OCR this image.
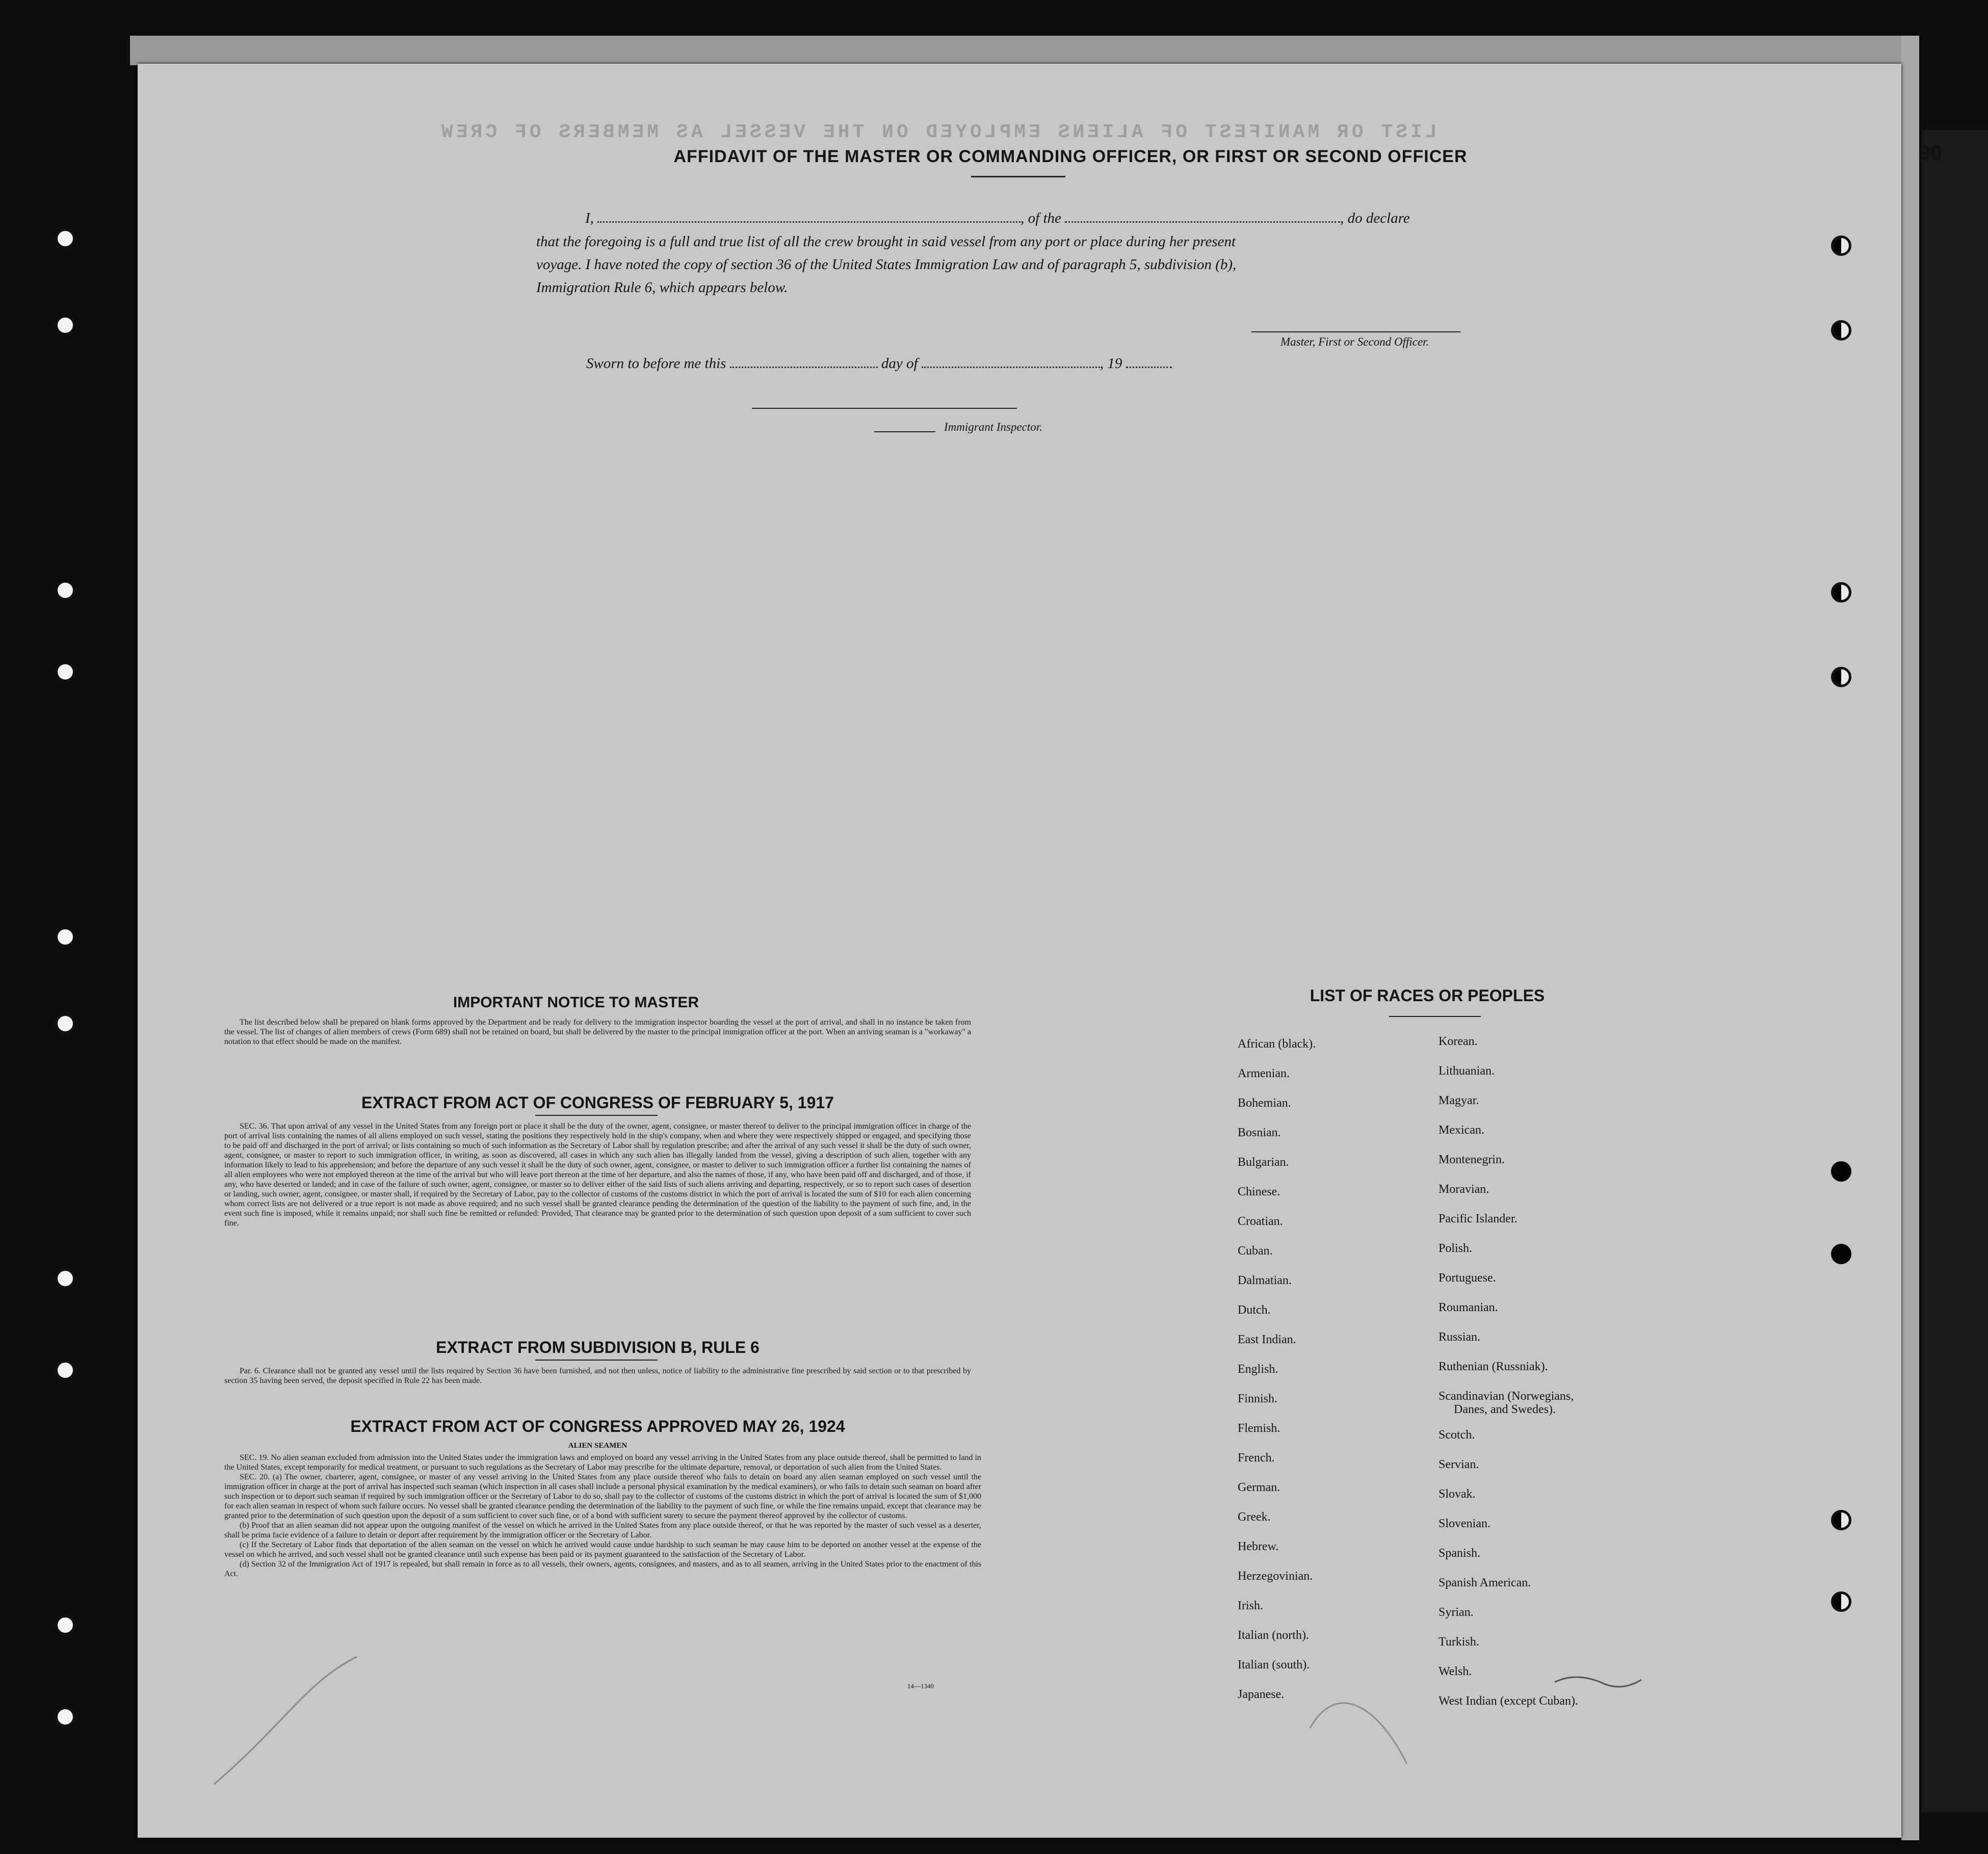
90
LIST OR MANIFEST OF ALIENS EMPLOYED ON THE VESSEL AS MEMBERS OF CREW
AFFIDAVIT OF THE MASTER OR COMMANDING OFFICER, OR FIRST OR SECOND OFFICER
I,	, of the	, do declare
that the foregoing is a full and true list of all the crew brought in said vessel from any port or place during her present
voyage. I have noted the copy of section 36 of the United States Immigration Law and of paragraph 5, subdivision (b),
Immigration Rule 6, which appears below.
Master, First or Second Officer.
Sworn to before me this	day of	, 19
Immigrant Inspector.
IMPORTANT NOTICE TO MASTER

The list described below shall be prepared on blank forms approved by the Department and be ready for delivery to the immigration inspector boarding the vessel at the port of arrival, and shall in no instance be taken from the vessel. The list of changes of alien members of crews (Form 689) shall not be retained on board, but shall be delivered by the master to the principal immigration officer at the port. When an arriving seaman is a "workaway" a notation to that effect should be made on the manifest.

EXTRACT FROM ACT OF CONGRESS OF FEBRUARY 5, 1917

SEC. 36. That upon arrival of any vessel in the United States from any foreign port or place it shall be the duty of the owner, agent, consignee, or master thereof to deliver to the principal immigration officer in charge of the port of arrival lists containing the names of all aliens employed on such vessel, stating the positions they respectively hold in the ship's company, when and where they were respectively shipped or engaged, and specifying those to be paid off and discharged in the port of arrival; or lists containing so much of such information as the Secretary of Labor shall by regulation prescribe; and after the arrival of any such vessel it shall be the duty of such owner, agent, consignee, or master to report to such immigration officer, in writing, as soon as discovered, all cases in which any such alien has illegally landed from the vessel, giving a description of such alien, together with any information likely to lead to his apprehension; and before the departure of any such vessel it shall be the duty of such owner, agent, consignee, or master to deliver to such immigration officer a further list containing the names of all alien employees who were not employed thereon at the time of the arrival but who will leave port thereon at the time of her departure, and also the names of those, if any, who have been paid off and discharged, and of those, if any, who have deserted or landed; and in case of the failure of such owner, agent, consignee, or master so to deliver either of the said lists of such aliens arriving and departing, respectively, or so to report such cases of desertion or landing, such owner, agent, consignee, or master shall, if required by the Secretary of Labor, pay to the collector of customs of the customs district in which the port of arrival is located the sum of $10 for each alien concerning whom correct lists are not delivered or a true report is not made as above required; and no such vessel shall be granted clearance pending the determination of the question of the liability to the payment of such fine, and, in the event such fine is imposed, while it remains unpaid; nor shall such fine be remitted or refunded: Provided, That clearance may be granted prior to the determination of such question upon deposit of a sum sufficient to cover such fine.

EXTRACT FROM SUBDIVISION B, RULE 6

Par. 6. Clearance shall not be granted any vessel until the lists required by Section 36 have been furnished, and not then unless, notice of liability to the administrative fine prescribed by said section or to that prescribed by section 35 having been served, the deposit specified in Rule 22 has been made.

EXTRACT FROM ACT OF CONGRESS APPROVED MAY 26, 1924
ALIEN SEAMEN

SEC. 19. No alien seaman excluded from admission into the United States under the immigration laws and employed on board any vessel arriving in the United States from any place outside thereof, shall be permitted to land in the United States, except temporarily for medical treatment, or pursuant to such regulations as the Secretary of Labor may prescribe for the ultimate departure, removal, or deportation of such alien from the United States.

SEC. 20. (a) The owner, charterer, agent, consignee, or master of any vessel arriving in the United States from any place outside thereof who fails to detain on board any alien seaman employed on such vessel until the immigration officer in charge at the port of arrival has inspected such seaman (which inspection in all cases shall include a personal physical examination by the medical examiners), or who fails to detain such seaman on board after such inspection or to deport such seaman if required by such immigration officer or the Secretary of Labor to do so, shall pay to the collector of customs of the customs district in which the port of arrival is located the sum of $1,000 for each alien seaman in respect of whom such failure occurs. No vessel shall be granted clearance pending the determination of the liability to the payment of such fine, or while the fine remains unpaid, except that clearance may be granted prior to the determination of such question upon the deposit of a sum sufficient to cover such fine, or of a bond with sufficient surety to secure the payment thereof approved by the collector of customs.

(b) Proof that an alien seaman did not appear upon the outgoing manifest of the vessel on which he arrived in the United States from any place outside thereof, or that he was reported by the master of such vessel as a deserter, shall be prima facie evidence of a failure to detain or deport after requirement by the immigration officer or the Secretary of Labor.

(c) If the Secretary of Labor finds that deportation of the alien seaman on the vessel on which he arrived would cause undue hardship to such seaman he may cause him to be deported on another vessel at the expense of the vessel on which he arrived, and such vessel shall not be granted clearance until such expense has been paid or its payment guaranteed to the satisfaction of the Secretary of Labor.

(d) Section 32 of the Immigration Act of 1917 is repealed, but shall remain in force as to all vessels, their owners, agents, consignees, and masters, and as to all seamen, arriving in the United States prior to the enactment of this Act.

14—1340
LIST OF RACES OR PEOPLES
African (black).
Armenian.
Bohemian.
Bosnian.
Bulgarian.
Chinese.
Croatian.
Cuban.
Dalmatian.
Dutch.
East Indian.
English.
Finnish.
Flemish.
French.
German.
Greek.
Hebrew.
Herzegovinian.
Irish.
Italian (north).
Italian (south).
Japanese.
Korean.
Lithuanian.
Magyar.
Mexican.
Montenegrin.
Moravian.
Pacific Islander.
Polish.
Portuguese.
Roumanian.
Russian.
Ruthenian (Russniak).
Scandinavian (Norwegians,
Danes, and Swedes).
Scotch.
Servian.
Slovak.
Slovenian.
Spanish.
Spanish American.
Syrian.
Turkish.
Welsh.
West Indian (except Cuban).
